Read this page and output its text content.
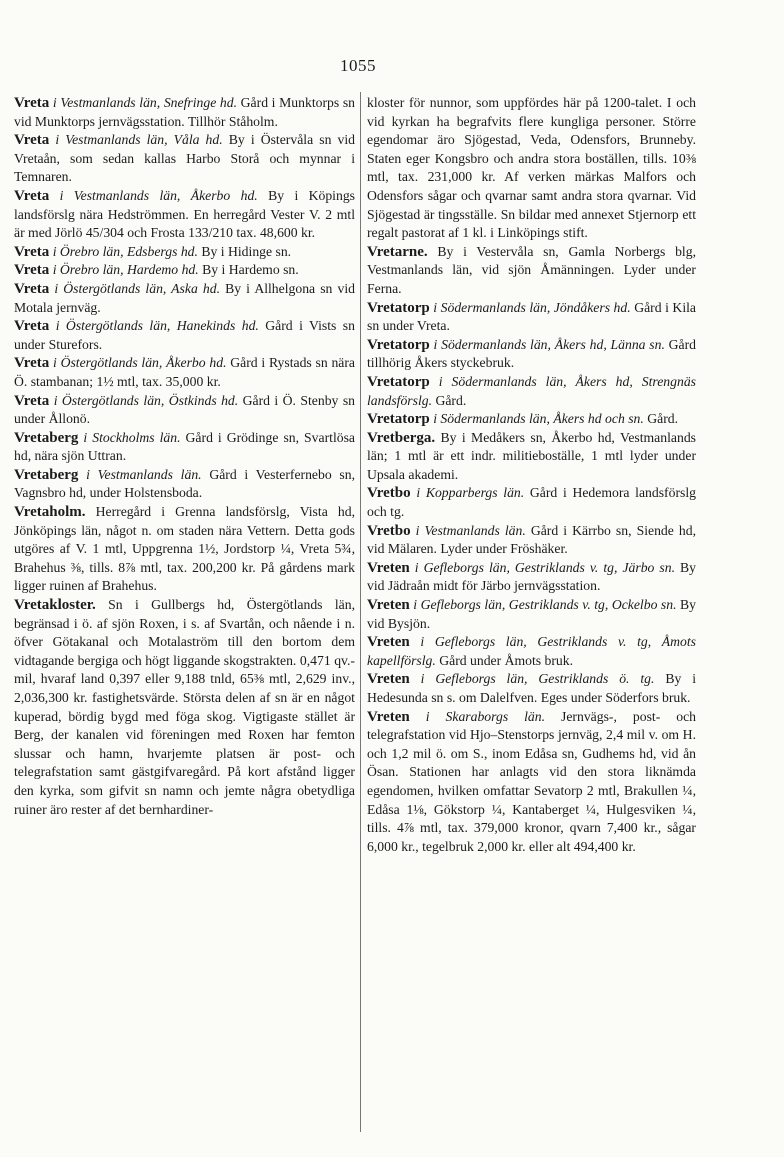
1055

Vreta i Vestmanlands län, Snefringe hd. Gård i Munktorps sn vid Munktorps jernvägsstation. Tillhör Ståholm.

Vreta i Vestmanlands län, Våla hd. By i Östervåla sn vid Vretaån, som sedan kallas Harbo Storå och mynnar i Temnaren.

Vreta i Vestmanlands län, Åkerbo hd. By i Köpings landsförslg nära Hedströmmen. En herregård Vester V. 2 mtl är med Jörlö 45/304 och Frosta 133/210 tax. 48,600 kr.

Vreta i Örebro län, Edsbergs hd. By i Hidinge sn.

Vreta i Örebro län, Hardemo hd. By i Hardemo sn.

Vreta i Östergötlands län, Aska hd. By i Allhelgona sn vid Motala jernväg.

Vreta i Östergötlands län, Hanekinds hd. Gård i Vists sn under Sturefors.

Vreta i Östergötlands län, Åkerbo hd. Gård i Rystads sn nära Ö. stambanan; 1½ mtl, tax. 35,000 kr.

Vreta i Östergötlands län, Östkinds hd. Gård i Ö. Stenby sn under Ållonö.

Vretaberg i Stockholms län. Gård i Grödinge sn, Svartlösa hd, nära sjön Uttran.

Vretaberg i Vestmanlands län. Gård i Vesterfernebo sn, Vagnsbro hd, under Holstensboda.

Vretaholm. Herregård i Grenna landsförslg, Vista hd, Jönköpings län, något n. om staden nära Vettern. Detta gods utgöres af V. 1 mtl, Uppgrenna 1½, Jordstorp ¼, Vreta 5¾, Brahehus ⅜, tills. 8⅞ mtl, tax. 200,200 kr. På gårdens mark ligger ruinen af Brahehus.

Vretakloster. Sn i Gullbergs hd, Östergötlands län, begränsad i ö. af sjön Roxen, i s. af Svartån, och nående i n. öfver Götakanal och Motalaström till den bortom dem vidtagande bergiga och högt liggande skogstrakten. 0,471 qv.-mil, hvaraf land 0,397 eller 9,188 tnld, 65⅜ mtl, 2,629 inv., 2,036,300 kr. fastighetsvärde. Största delen af sn är en något kuperad, bördig bygd med föga skog. Vigtigaste stället är Berg, der kanalen vid föreningen med Roxen har femton slussar och hamn, hvarjemte platsen är post- och telegrafstation samt gästgifvaregård. På kort afstånd ligger den kyrka, som gifvit sn namn och jemte några obetydliga ruiner äro rester af det bernhardiner-

kloster för nunnor, som uppfördes här på 1200-talet. I och vid kyrkan ha begrafvits flere kungliga personer. Större egendomar äro Sjögestad, Veda, Odensfors, Brunneby. Staten eger Kongsbro och andra stora boställen, tills. 10⅜ mtl, tax. 231,000 kr. Af verken märkas Malfors och Odensfors sågar och qvarnar samt andra stora qvarnar. Vid Sjögestad är tingsställe. Sn bildar med annexet Stjernorp ett regalt pastorat af 1 kl. i Linköpings stift.

Vretarne. By i Vestervåla sn, Gamla Norbergs blg, Vestmanlands län, vid sjön Åmänningen. Lyder under Ferna.

Vretatorp i Södermanlands län, Jöndåkers hd. Gård i Kila sn under Vreta.

Vretatorp i Södermanlands län, Åkers hd, Länna sn. Gård tillhörig Åkers styckebruk.

Vretatorp i Södermanlands län, Åkers hd, Strengnäs landsförslg. Gård.

Vretatorp i Södermanlands län, Åkers hd och sn. Gård.

Vretberga. By i Medåkers sn, Åkerbo hd, Vestmanlands län; 1 mtl är ett indr. militieboställe, 1 mtl lyder under Upsala akademi.

Vretbo i Kopparbergs län. Gård i Hedemora landsförslg och tg.

Vretbo i Vestmanlands län. Gård i Kärrbo sn, Siende hd, vid Mälaren. Lyder under Fröshäker.

Vreten i Gefleborgs län, Gestriklands v. tg, Järbo sn. By vid Jädraån midt för Järbo jernvägsstation.

Vreten i Gefleborgs län, Gestriklands v. tg, Ockelbo sn. By vid Bysjön.

Vreten i Gefleborgs län, Gestriklands v. tg, Åmots kapellförslg. Gård under Åmots bruk.

Vreten i Gefleborgs län, Gestriklands ö. tg. By i Hedesunda sn s. om Dalelfven. Eges under Söderfors bruk.

Vreten i Skaraborgs län. Jernvägs-, post- och telegrafstation vid Hjo–Stenstorps jernväg, 2,4 mil v. om H. och 1,2 mil ö. om S., inom Edåsa sn, Gudhems hd, vid ån Ösan. Stationen har anlagts vid den stora liknämda egendomen, hvilken omfattar Sevatorp 2 mtl, Brakullen ¼, Edåsa 1⅛, Gökstorp ¼, Kantaberget ¼, Hulgesviken ¼, tills. 4⅞ mtl, tax. 379,000 kronor, qvarn 7,400 kr., sågar 6,000 kr., tegelbruk 2,000 kr. eller alt 494,400 kr.
